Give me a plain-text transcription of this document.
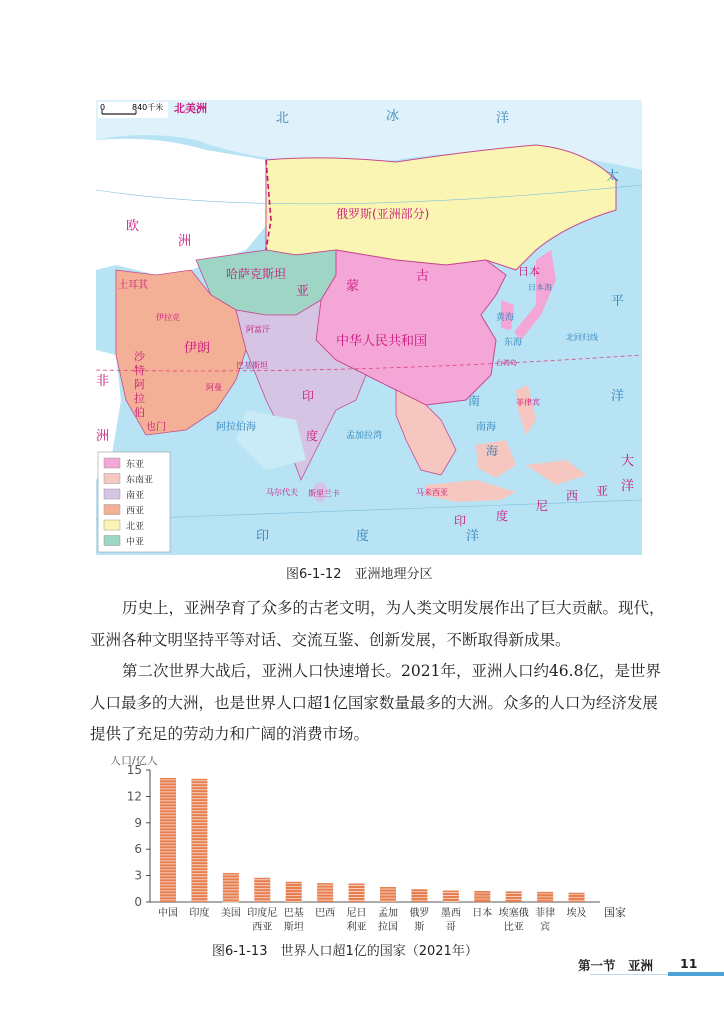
0	840千米 北美洲
北	冰	洋
欧
洲
俄罗斯(亚洲部分)
哈萨克斯坦
亚	蒙
古
中华人民共和国
日本
伊朗
沙
特
阿
拉
伯
也门
土耳其
印
度
非
洲
阿拉伯海
孟加拉湾
斯里兰卡
马尔代夫
印	度	洋
印 度
尼
西 亚
太
平
洋
大
洋
菲律宾
马来西亚
阿富汗
巴基斯坦
伊拉克
阿曼
南海
东海
黄海
台湾岛
南
海
日本海
北回归线
东亚
东南亚
南亚
西亚
北亚
中亚
图6-1-12　亚洲地理分区

历史上，亚洲孕育了众多的古老文明，为人类文明发展作出了巨大贡献。现代，亚洲各种文明坚持平等对话、交流互鉴、创新发展，不断取得新成果。

第二次世界大战后，亚洲人口快速增长。2021年，亚洲人口约46.8亿，是世界人口最多的大洲，也是世界人口超1亿国家数量最多的大洲。众多的人口为经济发展提供了充足的劳动力和广阔的消费市场。

人口/亿人
0
3
6
9
12
15
中国 印度 美国 印度尼
西亚
巴基
斯坦
巴西 尼日
利亚
孟加
拉国
俄罗
斯
墨西
哥
日本 埃塞俄
比亚
菲律
宾
埃及 国家
图6-1-13　世界人口超1亿的国家（2021年）
第一节　亚洲 11
